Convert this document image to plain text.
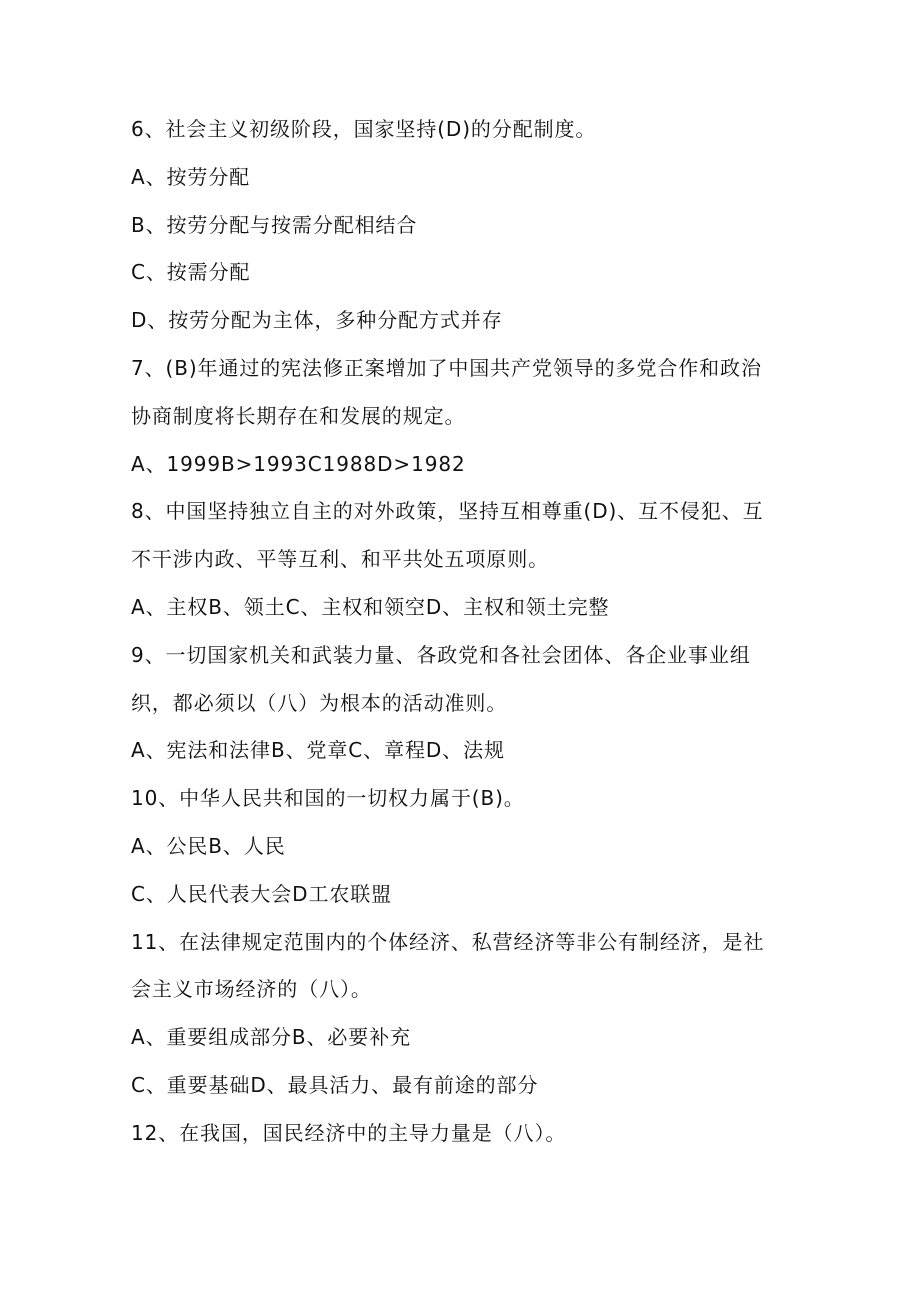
6、社会主义初级阶段，国家坚持(D)的分配制度。
A、按劳分配
B、按劳分配与按需分配相结合
C、按需分配
D、按劳分配为主体，多种分配方式并存
7、(B)年通过的宪法修正案增加了中国共产党领导的多党合作和政治
协商制度将长期存在和发展的规定。
A、1999B>1993C1988D>1982
8、中国坚持独立自主的对外政策，坚持互相尊重(D)、互不侵犯、互
不干涉内政、平等互利、和平共处五项原则。
A、主权B、领土C、主权和领空D、主权和领土完整
9、一切国家机关和武装力量、各政党和各社会团体、各企业事业组
织，都必须以（八）为根本的活动准则。
A、宪法和法律B、党章C、章程D、法规
10、中华人民共和国的一切权力属于(B)。
A、公民B、人民
C、人民代表大会D工农联盟
11、在法律规定范围内的个体经济、私营经济等非公有制经济，是社
会主义市场经济的（八）。
A、重要组成部分B、必要补充
C、重要基础D、最具活力、最有前途的部分
12、在我国，国民经济中的主导力量是（八）。
